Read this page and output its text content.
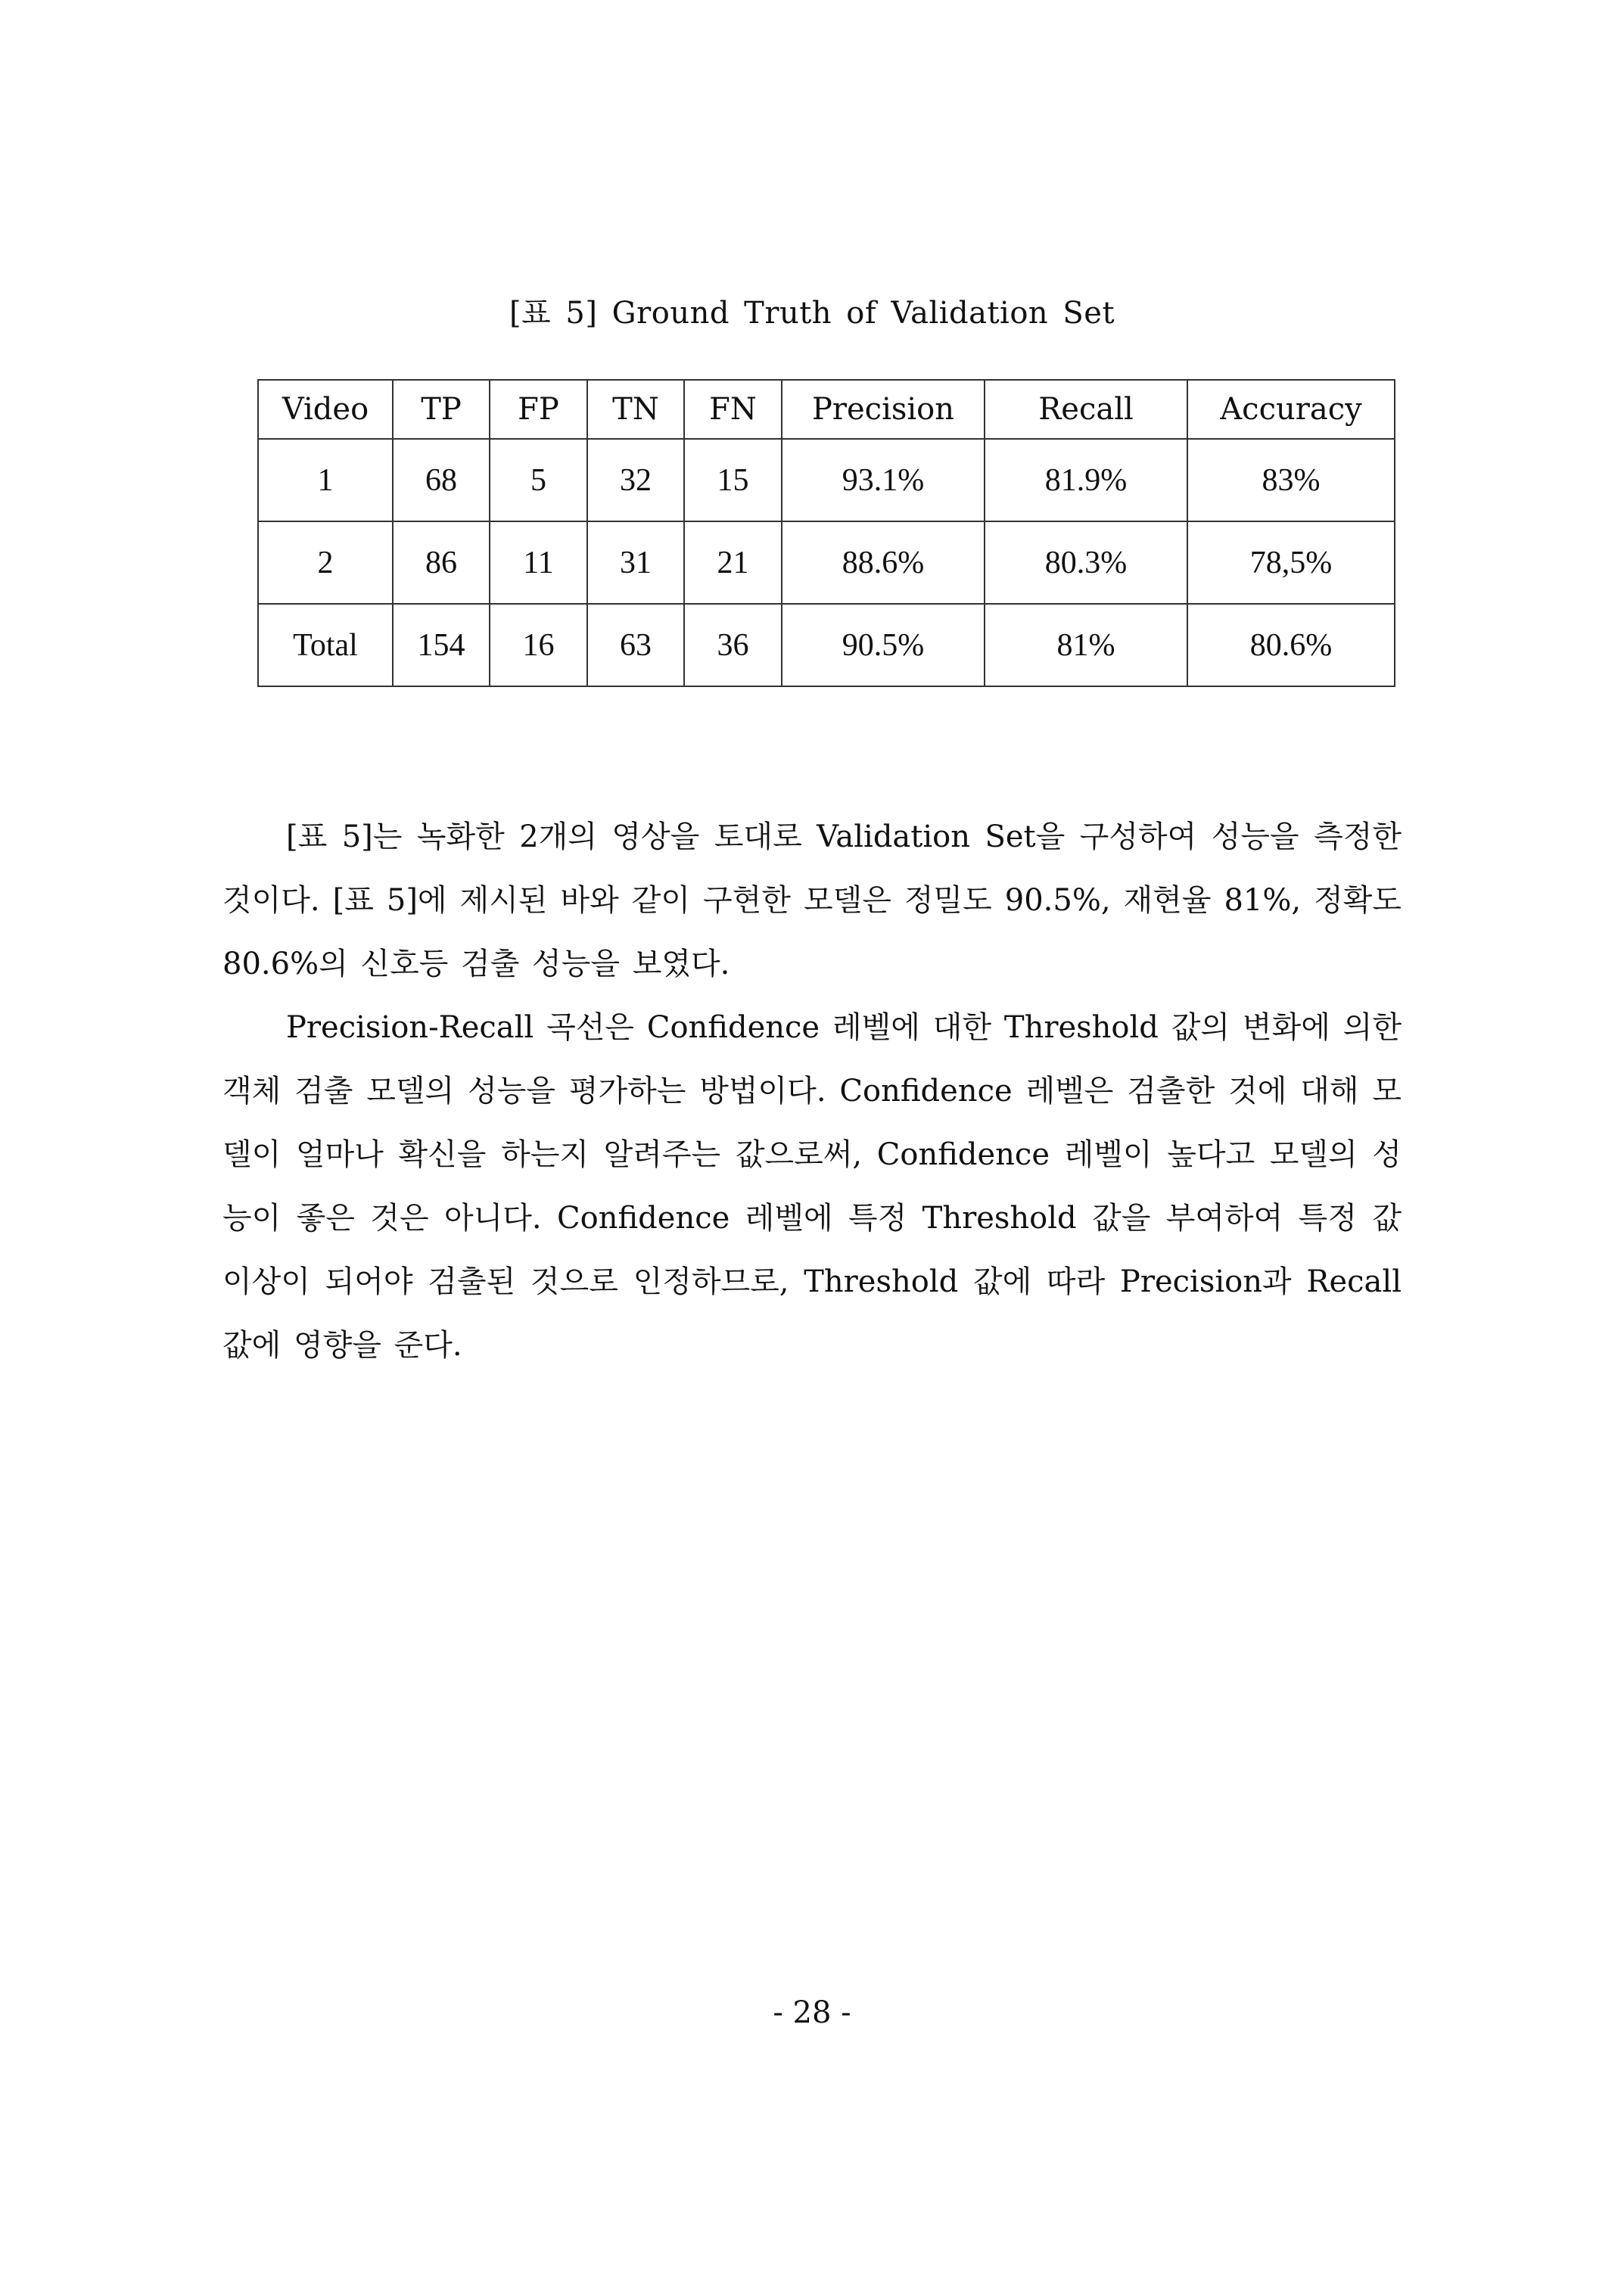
[표 5] Ground Truth of Validation Set
Video	TP	FP	TN	FN	Precision	Recall	Accuracy
1	68	5	32	15	93.1%	81.9%	83%
2	86	11	31	21	88.6%	80.3%	78,5%
Total	154	16	63	36	90.5%	81%	80.6%

[표 5]는 녹화한 2개의 영상을 토대로 Validation Set을 구성하여 성능을 측정한 것이다. [표 5]에 제시된 바와 같이 구현한 모델은 정밀도 90.5%, 재현율 81%, 정확도 80.6%의 신호등 검출 성능을 보였다.

Precision-Recall 곡선은 Confidence 레벨에 대한 Threshold 값의 변화에 의한 객체 검출 모델의 성능을 평가하는 방법이다. Confidence 레벨은 검출한 것에 대해 모델이 얼마나 확신을 하는지 알려주는 값으로써, Confidence 레벨이 높다고 모델의 성능이 좋은 것은 아니다. Confidence 레벨에 특정 Threshold 값을 부여하여 특정 값 이상이 되어야 검출된 것으로 인정하므로, Threshold 값에 따라 Precision과 Recall값에 영향을 준다.

- 28 -
